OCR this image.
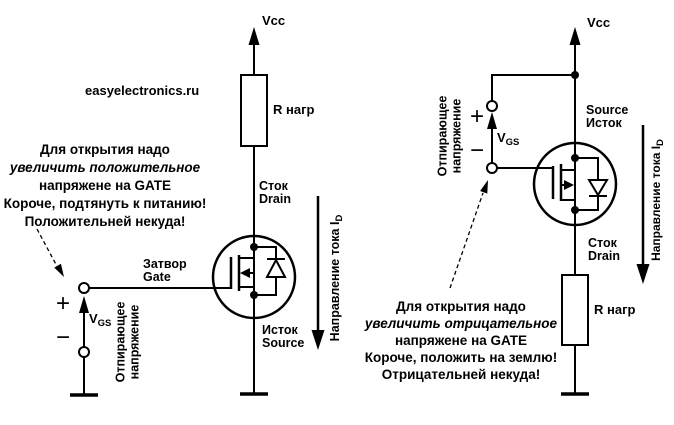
easyelectronics.ru
Vcc
R нагр
Сток
Drain
Затвор
Gate
Исток
Source
$V_{GS}$
+
−	Отпирающее напряжение
Направление тока $I_D$
Для открытия надо
увеличить положительное
напряжене на GATE
Короче, подтянуть к питанию!
Положительней некуда!
Vcc
Source
Исток
Сток
Drain
R нагр
$V_{GS}$
+
−
Отпирающее напряжение
Направление тока $I_D$
Для открытия надо
увеличить отрицательное
напряжене на GATE
Короче, положить на землю!
Отрицательней некуда!
